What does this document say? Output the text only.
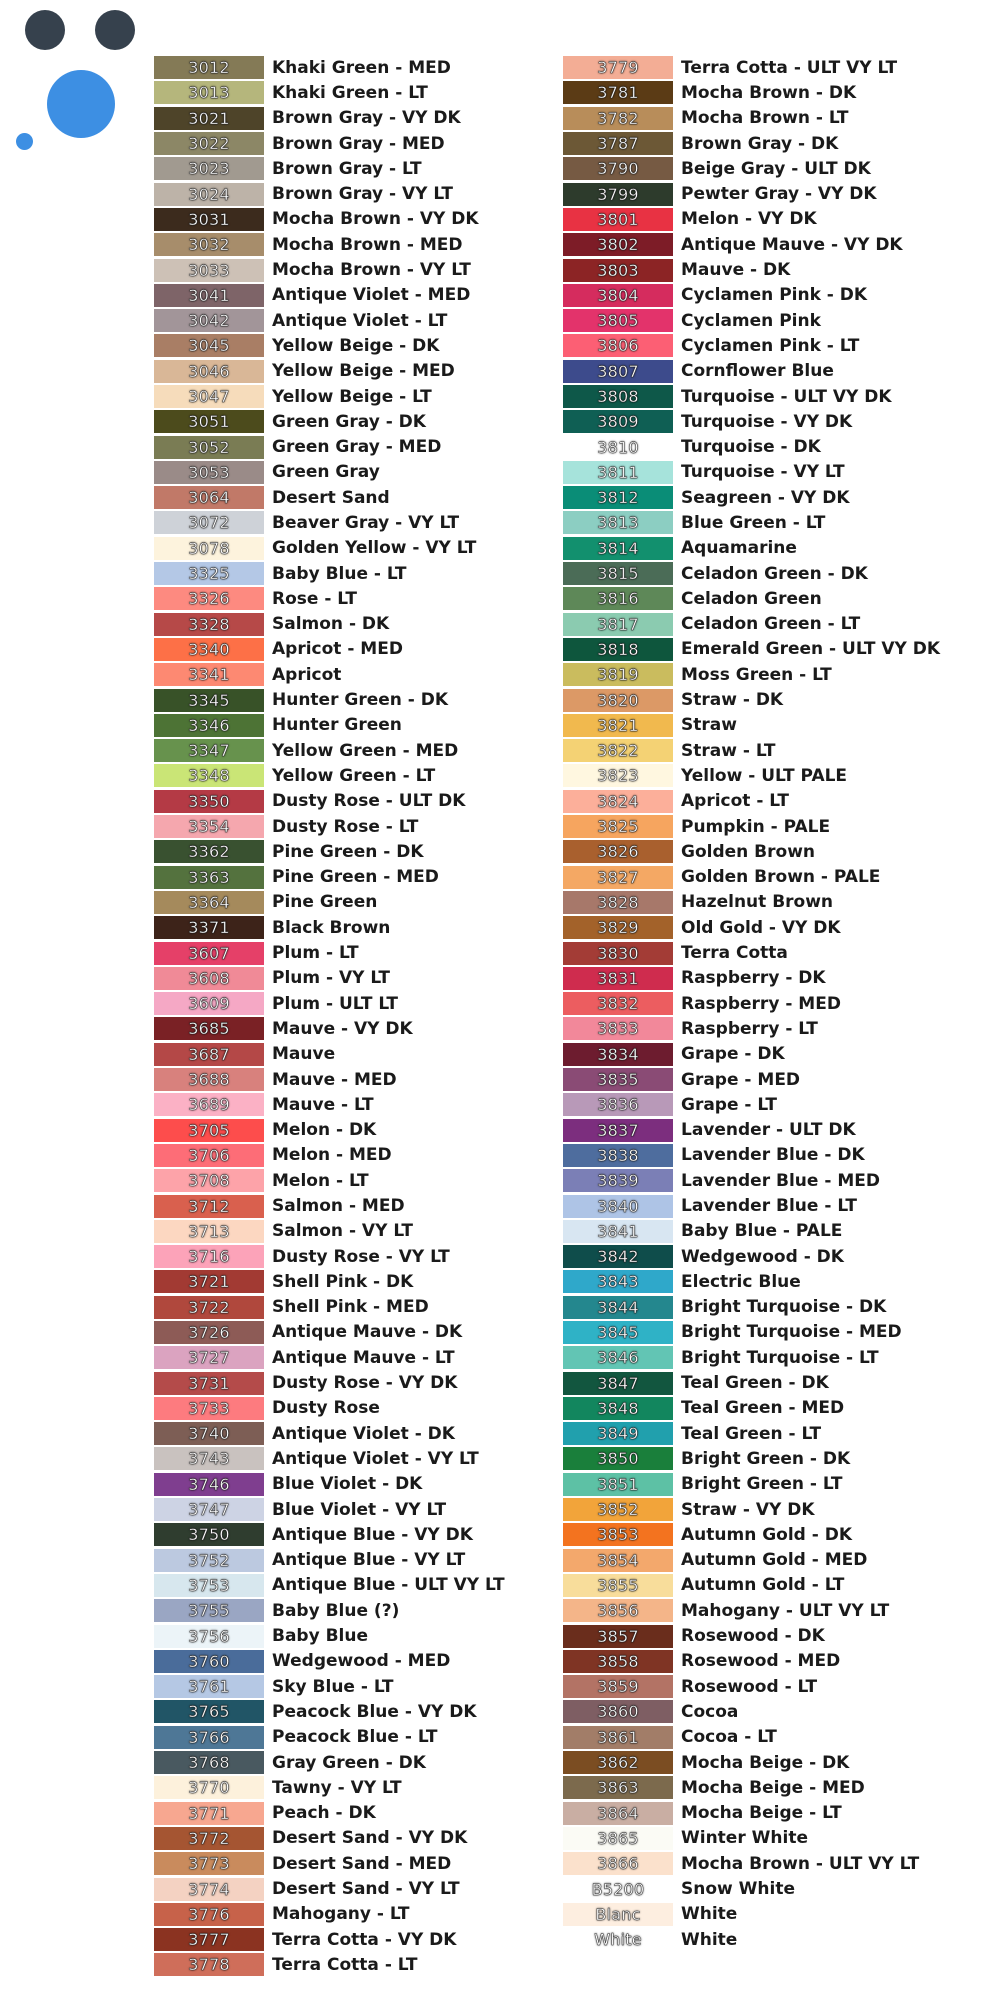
3012	Khaki Green - MED
3013	Khaki Green - LT
3021	Brown Gray - VY DK
3022	Brown Gray - MED
3023	Brown Gray - LT
3024	Brown Gray - VY LT
3031	Mocha Brown - VY DK
3032	Mocha Brown - MED
3033	Mocha Brown - VY LT
3041	Antique Violet - MED
3042	Antique Violet - LT
3045	Yellow Beige - DK
3046	Yellow Beige - MED
3047	Yellow Beige - LT
3051	Green Gray - DK
3052	Green Gray - MED
3053	Green Gray
3064	Desert Sand
3072	Beaver Gray - VY LT
3078	Golden Yellow - VY LT
3325	Baby Blue - LT
3326	Rose - LT
3328	Salmon - DK
3340	Apricot - MED
3341	Apricot
3345	Hunter Green - DK
3346	Hunter Green
3347	Yellow Green - MED
3348	Yellow Green - LT
3350	Dusty Rose - ULT DK
3354	Dusty Rose - LT
3362	Pine Green - DK
3363	Pine Green - MED
3364	Pine Green
3371	Black Brown
3607	Plum - LT
3608	Plum - VY LT
3609	Plum - ULT LT
3685	Mauve - VY DK
3687	Mauve
3688	Mauve - MED
3689	Mauve - LT
3705	Melon - DK
3706	Melon - MED
3708	Melon - LT
3712	Salmon - MED
3713	Salmon - VY LT
3716	Dusty Rose - VY LT
3721	Shell Pink - DK
3722	Shell Pink - MED
3726	Antique Mauve - DK
3727	Antique Mauve - LT
3731	Dusty Rose - VY DK
3733	Dusty Rose
3740	Antique Violet - DK
3743	Antique Violet - VY LT
3746	Blue Violet - DK
3747	Blue Violet - VY LT
3750	Antique Blue - VY DK
3752	Antique Blue - VY LT
3753	Antique Blue - ULT VY LT
3755	Baby Blue (?)
3756	Baby Blue
3760	Wedgewood - MED
3761	Sky Blue - LT
3765	Peacock Blue - VY DK
3766	Peacock Blue - LT
3768	Gray Green - DK
3770	Tawny - VY LT
3771	Peach - DK
3772	Desert Sand - VY DK
3773	Desert Sand - MED
3774	Desert Sand - VY LT
3776	Mahogany - LT
3777	Terra Cotta - VY DK
3778	Terra Cotta - LT
3779	Terra Cotta - ULT VY LT
3781	Mocha Brown - DK
3782	Mocha Brown - LT
3787	Brown Gray - DK
3790	Beige Gray - ULT DK
3799	Pewter Gray - VY DK
3801	Melon - VY DK
3802	Antique Mauve - VY DK
3803	Mauve - DK
3804	Cyclamen Pink - DK
3805	Cyclamen Pink
3806	Cyclamen Pink - LT
3807	Cornflower Blue
3808	Turquoise - ULT VY DK
3809	Turquoise - VY DK
3810	Turquoise - DK
3811	Turquoise - VY LT
3812	Seagreen - VY DK
3813	Blue Green - LT
3814	Aquamarine
3815	Celadon Green - DK
3816	Celadon Green
3817	Celadon Green - LT
3818	Emerald Green - ULT VY DK
3819	Moss Green - LT
3820	Straw - DK
3821	Straw
3822	Straw - LT
3823	Yellow - ULT PALE
3824	Apricot - LT
3825	Pumpkin - PALE
3826	Golden Brown
3827	Golden Brown - PALE
3828	Hazelnut Brown
3829	Old Gold - VY DK
3830	Terra Cotta
3831	Raspberry - DK
3832	Raspberry - MED
3833	Raspberry - LT
3834	Grape - DK
3835	Grape - MED
3836	Grape - LT
3837	Lavender - ULT DK
3838	Lavender Blue - DK
3839	Lavender Blue - MED
3840	Lavender Blue - LT
3841	Baby Blue - PALE
3842	Wedgewood - DK
3843	Electric Blue
3844	Bright Turquoise - DK
3845	Bright Turquoise - MED
3846	Bright Turquoise - LT
3847	Teal Green - DK
3848	Teal Green - MED
3849	Teal Green - LT
3850	Bright Green - DK
3851	Bright Green - LT
3852	Straw - VY DK
3853	Autumn Gold - DK
3854	Autumn Gold - MED
3855	Autumn Gold - LT
3856	Mahogany - ULT VY LT
3857	Rosewood - DK
3858	Rosewood - MED
3859	Rosewood - LT
3860	Cocoa
3861	Cocoa - LT
3862	Mocha Beige - DK
3863	Mocha Beige - MED
3864	Mocha Beige - LT
3865	Winter White
3866	Mocha Brown - ULT VY LT
B5200	Snow White
Blanc	White
White	White
